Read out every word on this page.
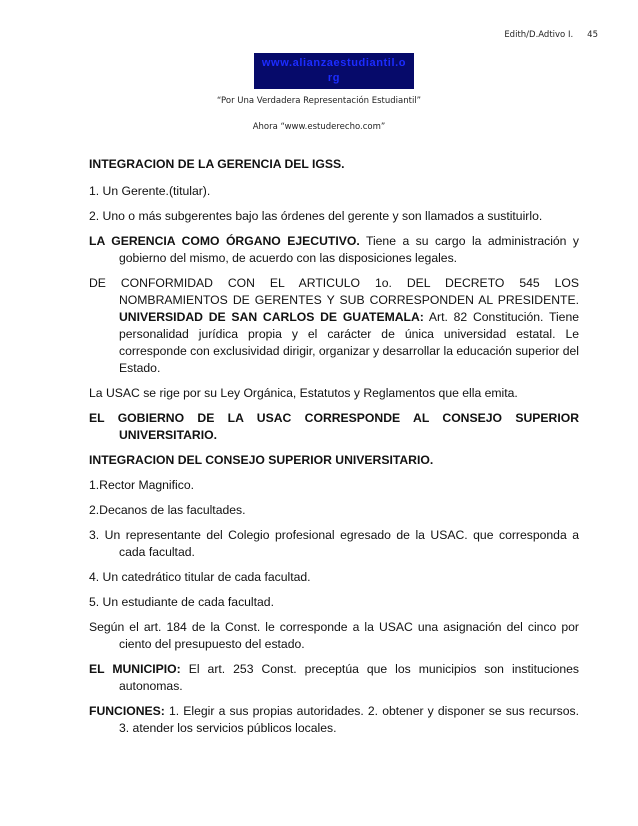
Edith/D.Adtivo I. 45
www.alianzaestudiantil.o
rg
“Por Una Verdadera Representación Estudiantil”
Ahora “www.estuderecho.com”

INTEGRACION DE LA GERENCIA DEL IGSS.

1. Un Gerente.(titular).

2. Uno o más subgerentes bajo las órdenes del gerente y son llamados a sustituirlo.

LA GERENCIA COMO ÓRGANO EJECUTIVO. Tiene a su cargo la administración y gobierno del mismo, de acuerdo con las disposiciones legales.

DE CONFORMIDAD CON EL ARTICULO 1o. DEL DECRETO 545 LOS NOMBRAMIENTOS DE GERENTES Y SUB CORRESPONDEN AL PRESIDENTE. UNIVERSIDAD DE SAN CARLOS DE GUATEMALA: Art. 82 Constitución. Tiene personalidad jurídica propia y el carácter de única universidad estatal. Le corresponde con exclusividad dirigir, organizar y desarrollar la educación superior del Estado.

La USAC se rige por su Ley Orgánica, Estatutos y Reglamentos que ella emita.

EL GOBIERNO DE LA USAC CORRESPONDE AL CONSEJO SUPERIOR UNIVERSITARIO.

INTEGRACION DEL CONSEJO SUPERIOR UNIVERSITARIO.

1.Rector Magnifico.

2.Decanos de las facultades.

3. Un representante del Colegio profesional egresado de la USAC. que corresponda a cada facultad.

4. Un catedrático titular de cada facultad.

5. Un estudiante de cada facultad.

Según el art. 184 de la Const. le corresponde a la USAC una asignación del cinco por ciento del presupuesto del estado.

EL MUNICIPIO: El art. 253 Const. preceptúa que los municipios son instituciones autonomas.

FUNCIONES: 1. Elegir a sus propias autoridades. 2. obtener y disponer se sus recursos. 3. atender los servicios públicos locales.
